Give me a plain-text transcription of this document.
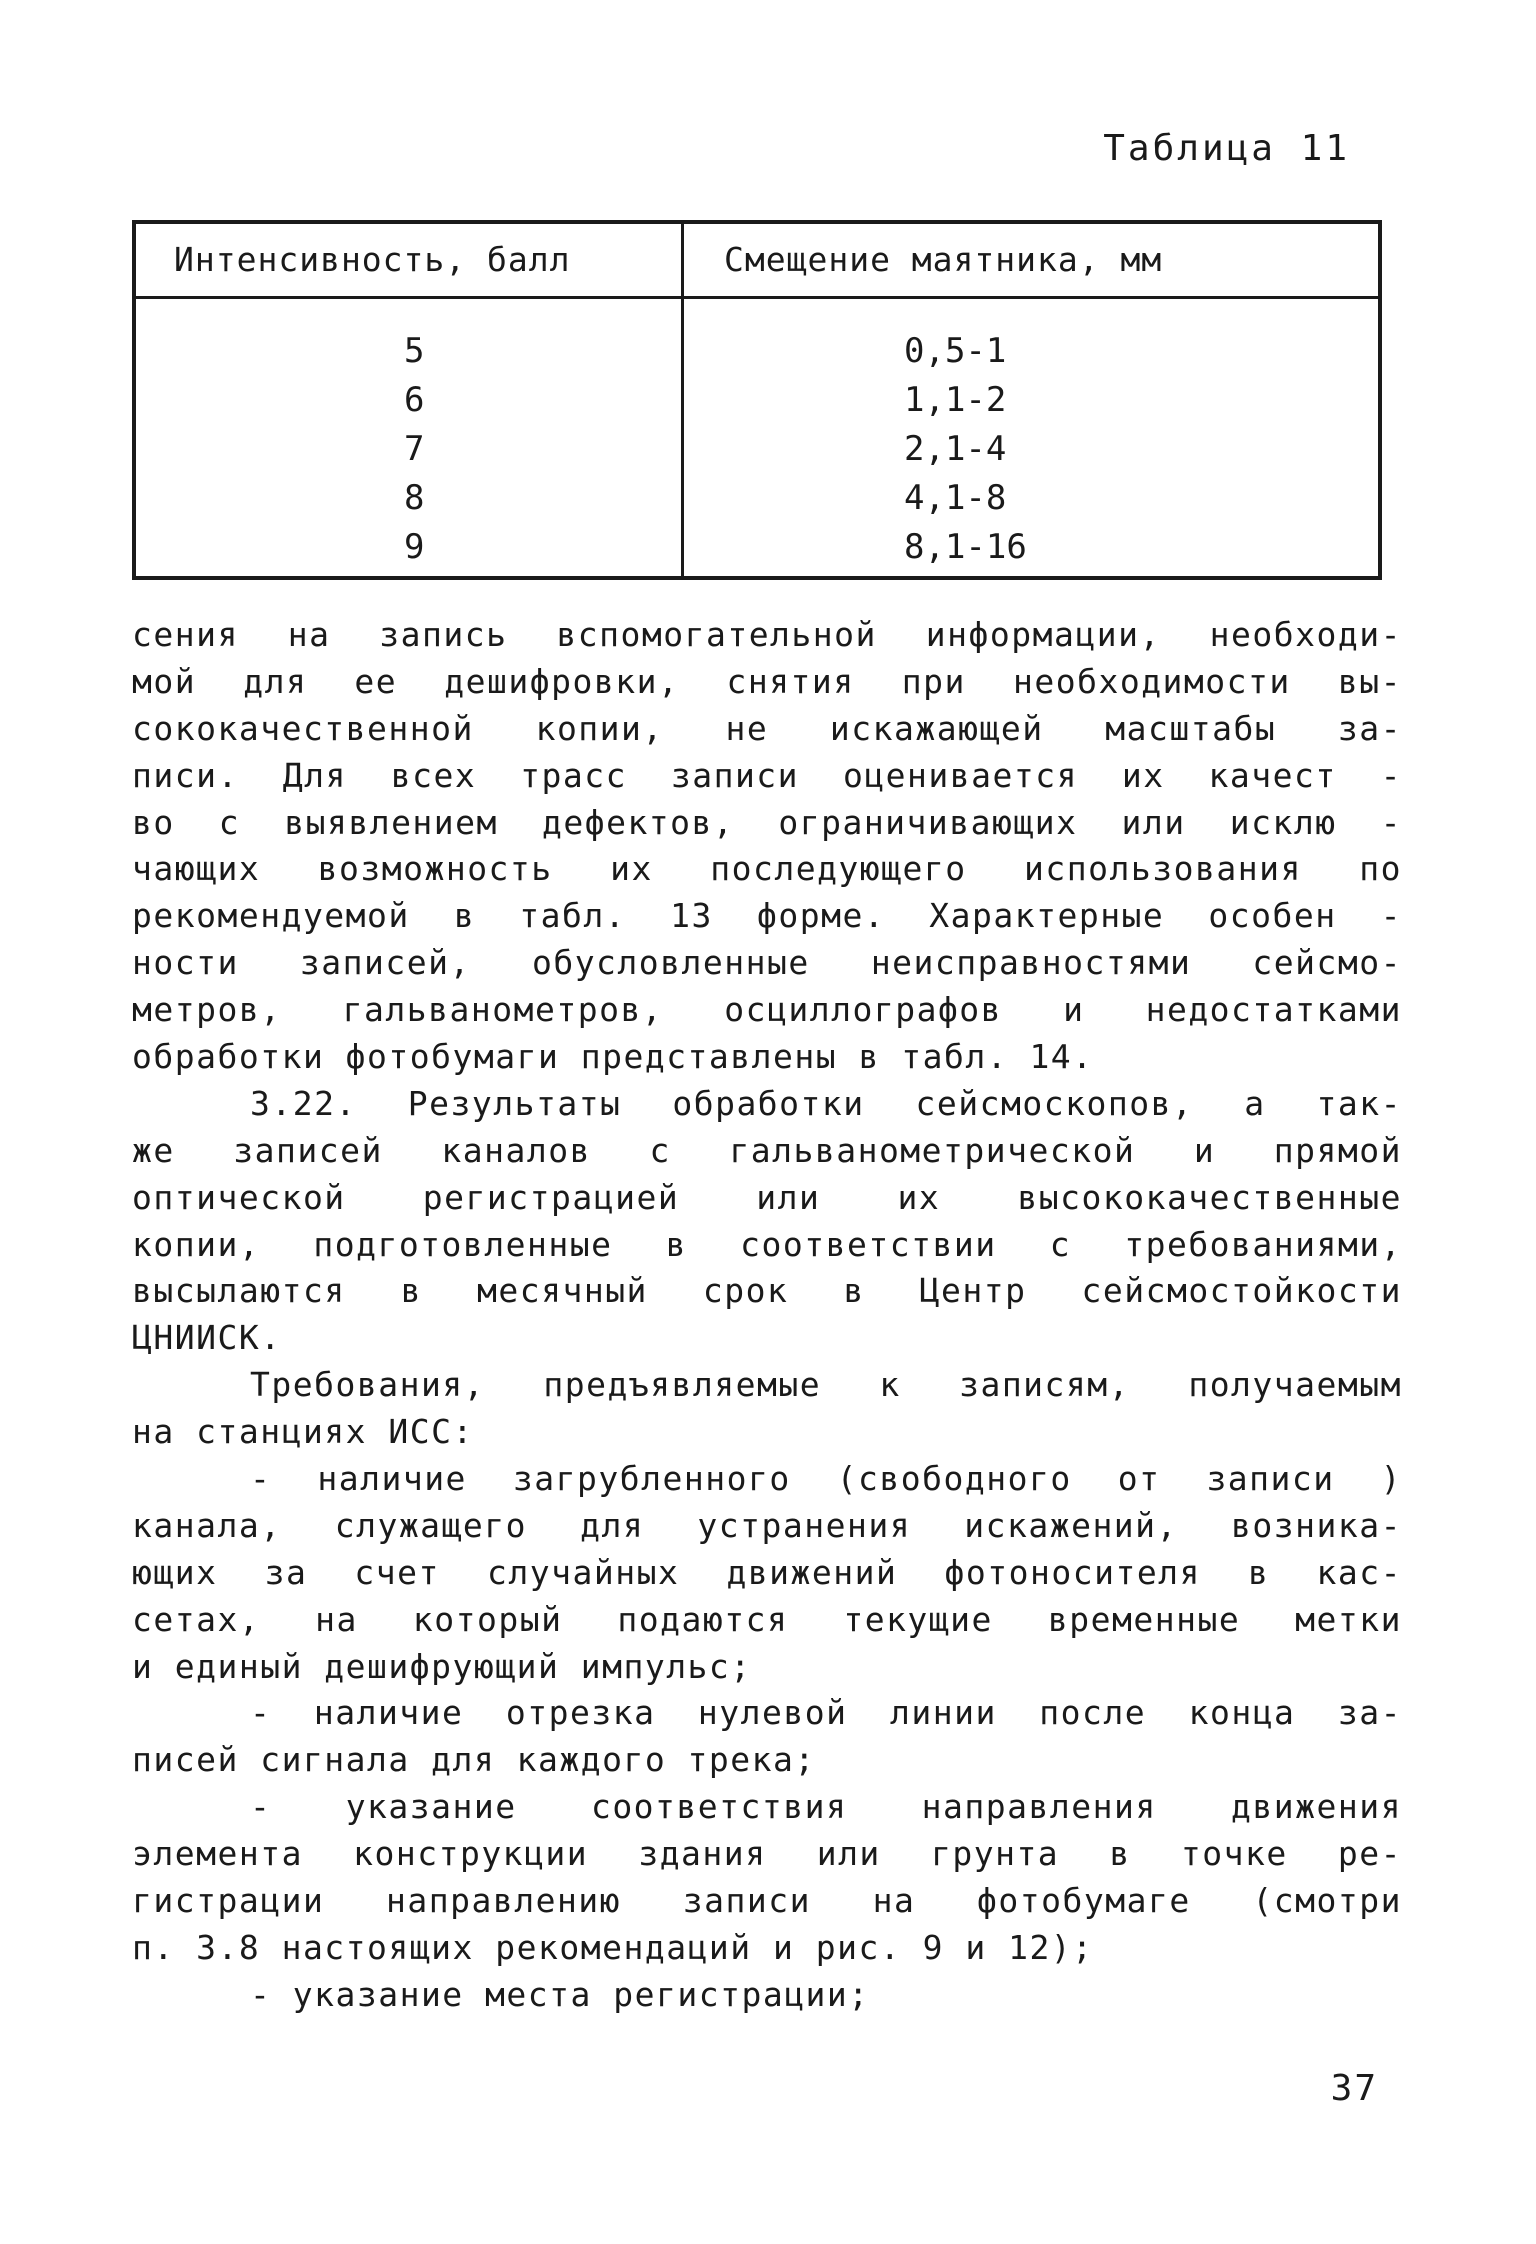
Таблица 11
Интенсивность, балл	Смещение маятника, мм
5
6
7
8
9
0,5-1
1,1-2
2,1-4
4,1-8
8,1-16
сения на запись вспомогательной информации, необходи-
мой для ее дешифровки, снятия при необходимости вы-
сококачественной копии, не искажающей масштабы за-
писи. Для всех трасс записи оценивается их качест -
во с выявлением дефектов, ограничивающих или исклю -
чающих возможность их последующего использования по
рекомендуемой в табл. 13 форме. Характерные особен -
ности записей, обусловленные неисправностями сейсмо-
метров, гальванометров, осциллографов и недостатками
обработки фотобумаги представлены в табл. 14.
3.22. Результаты обработки сейсмоскопов, а так-
же записей каналов с гальванометрической и прямой
оптической регистрацией или их высококачественные
копии, подготовленные в соответствии с требованиями,
высылаются в месячный срок в Центр сейсмостойкости
ЦНИИСК.
Требования, предъявляемые к записям, получаемым
на станциях ИСС:
- наличие загрубленного (свободного от записи )
канала, служащего для устранения искажений, возника-
ющих за счет случайных движений фотоносителя в кас-
сетах, на который подаются текущие временные метки
и единый дешифрующий импульс;
- наличие отрезка нулевой линии после конца за-
писей сигнала для каждого трека;
- указание соответствия направления движения
элемента конструкции здания или грунта в точке ре-
гистрации направлению записи на фотобумаге (смотри
п. 3.8 настоящих рекомендаций и рис. 9 и 12);
- указание места регистрации;
37
